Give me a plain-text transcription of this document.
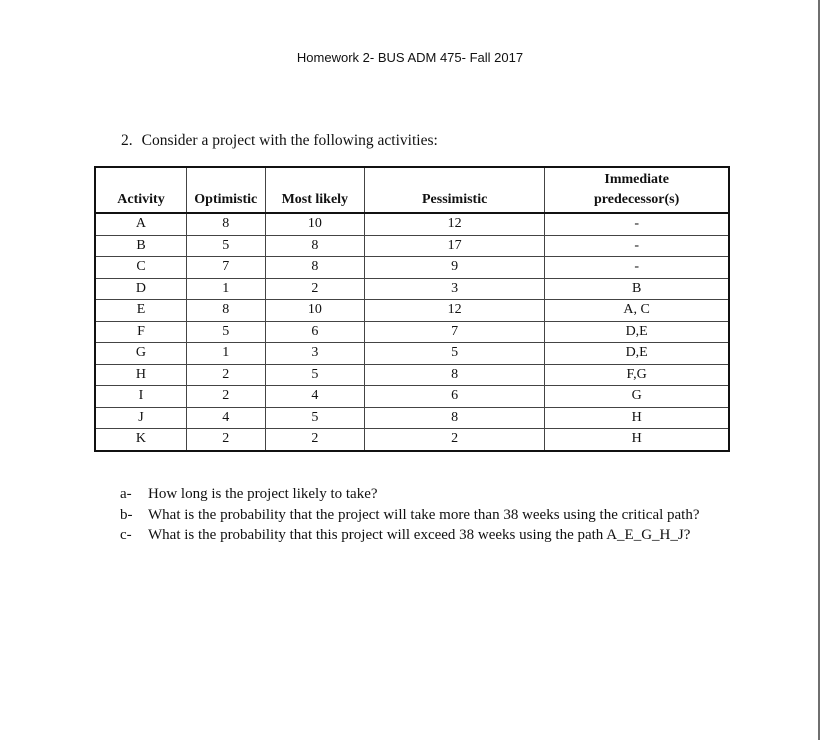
Homework 2- BUS ADM 475- Fall 2017
2. Consider a project with the following activities:
Activity	Optimistic	Most likely	Pessimistic	Immediate
predecessor(s)
A	8	10	12	-
B	5	8	17	-
C	7	8	9	-
D	1	2	3	B
E	8	10	12	A, C
F	5	6	7	D,E
G	1	3	5	D,E
H	2	5	8	F,G
I	2	4	6	G
J	4	5	8	H
K	2	2	2	H
a- How long is the project likely to take?
b- What is the probability that the project will take more than 38 weeks using the critical path?
c- What is the probability that this project will exceed 38 weeks using the path A_E_G_H_J?
